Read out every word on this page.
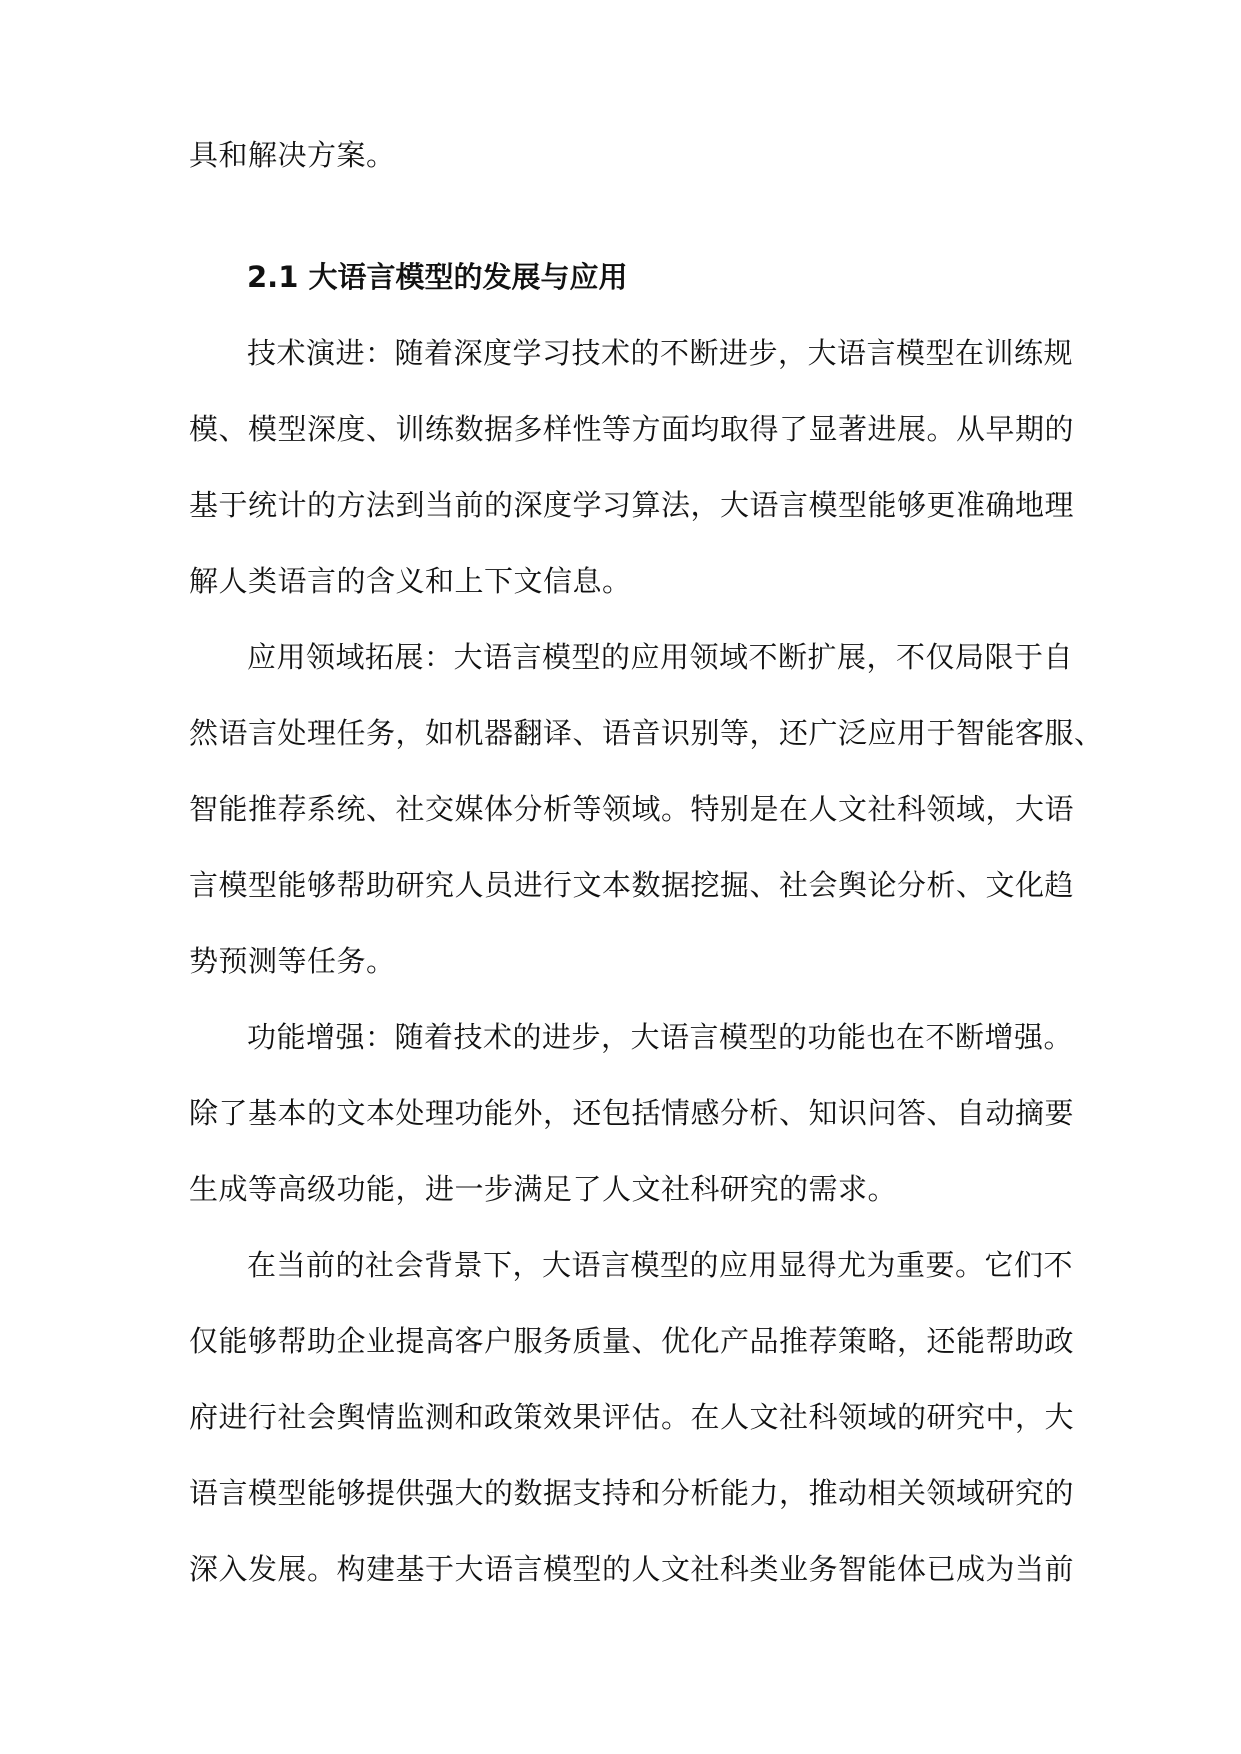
具和解决方案。
2.1 大语言模型的发展与应用
技术演进：随着深度学习技术的不断进步，大语言模型在训练规
模、模型深度、训练数据多样性等方面均取得了显著进展。从早期的
基于统计的方法到当前的深度学习算法，大语言模型能够更准确地理
解人类语言的含义和上下文信息。
应用领域拓展：大语言模型的应用领域不断扩展，不仅局限于自
然语言处理任务，如机器翻译、语音识别等，还广泛应用于智能客服、
智能推荐系统、社交媒体分析等领域。特别是在人文社科领域，大语
言模型能够帮助研究人员进行文本数据挖掘、社会舆论分析、文化趋
势预测等任务。
功能增强：随着技术的进步，大语言模型的功能也在不断增强。
除了基本的文本处理功能外，还包括情感分析、知识问答、自动摘要
生成等高级功能，进一步满足了人文社科研究的需求。
在当前的社会背景下，大语言模型的应用显得尤为重要。它们不
仅能够帮助企业提高客户服务质量、优化产品推荐策略，还能帮助政
府进行社会舆情监测和政策效果评估。在人文社科领域的研究中，大
语言模型能够提供强大的数据支持和分析能力，推动相关领域研究的
深入发展。构建基于大语言模型的人文社科类业务智能体已成为当前
